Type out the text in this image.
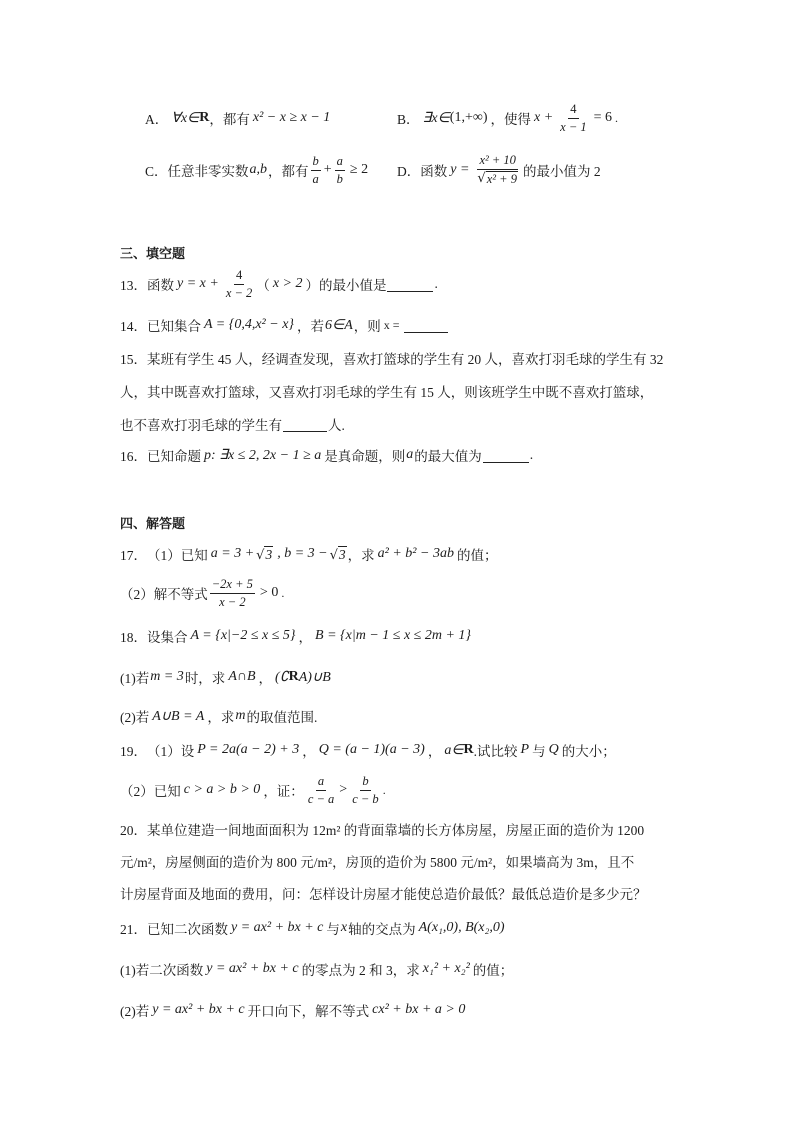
A． ∀x∈ R ，都有 x² − x ≥ x − 1	B． ∃x∈ (1,+∞) ，使得 $x + \frac{4}{x - 1} = 6$ .
C． 任意非零实数 a,b ，都有 $\frac{b}{a} + \frac{a}{b} \ge 2$ D． 函数 $y = \frac{\text{x² + 10}}{\text{√ x² + 9}}$ 的最小值为 2
三、填空题
13． 函数 $y = x + \frac{4}{x - 2}$ （ x > 2 ） 的最小值是	.
14． 已知集合 A = {0,4,x² − x} ，若 6∈A ，则 x =
15．某班有学生 45 人，经调查发现，喜欢打篮球的学生有 20 人，喜欢打羽毛球的学生有 32
人，其中既喜欢打篮球，又喜欢打羽毛球的学生有 15 人，则该班学生中既不喜欢打篮球，
也不喜欢打羽毛球的学生有	人.
16． 已知命题 p: ∃x ≤ 2, 2x − 1 ≥ a 是真命题，则 a 的最大值为	.
四、解答题
17． （1）已知 a = 3 + √ 3 , b = 3 − √ 3 ，求 a² + b² − 3ab 的值；
（2）解不等式 $\frac{-2x + 5}{x - 2} > 0$ .
18． 设集合 A = {x|−2 ≤ x ≤ 5} ， B = {x|m − 1 ≤ x ≤ 2m + 1}
(1)若 m = 3 时，求 A∩B ， (∁ R A)∪B
(2)若 A∪B = A ，求 m 的取值范围.
19． （1）设 P = 2a(a − 2) + 3 ， Q = (a − 1)(a − 3) ， a∈ R .试比较 P 与 Q 的大小；
（2）已知 c > a > b > 0 ，证： $\frac{a}{c - a} > \frac{b}{c - b}$ .
20．某单位建造一间地面面积为 12m² 的背面靠墙的长方体房屋，房屋正面的造价为 1200
元/m²，房屋侧面的造价为 800 元/m²，房顶的造价为 5800 元/m²，如果墙高为 3m，且不
计房屋背面及地面的费用，问：怎样设计房屋才能使总造价最低？最低总造价是多少元？
21． 已知二次函数 y = ax² + bx + c 与 x 轴的交点为 A(x₁,0), B(x₂,0)
(1)若二次函数 y = ax² + bx + c 的零点为 2 和 3，求 x₁² + x₂² 的值；
(2)若 y = ax² + bx + c 开口向下，解不等式 cx² + bx + a > 0
